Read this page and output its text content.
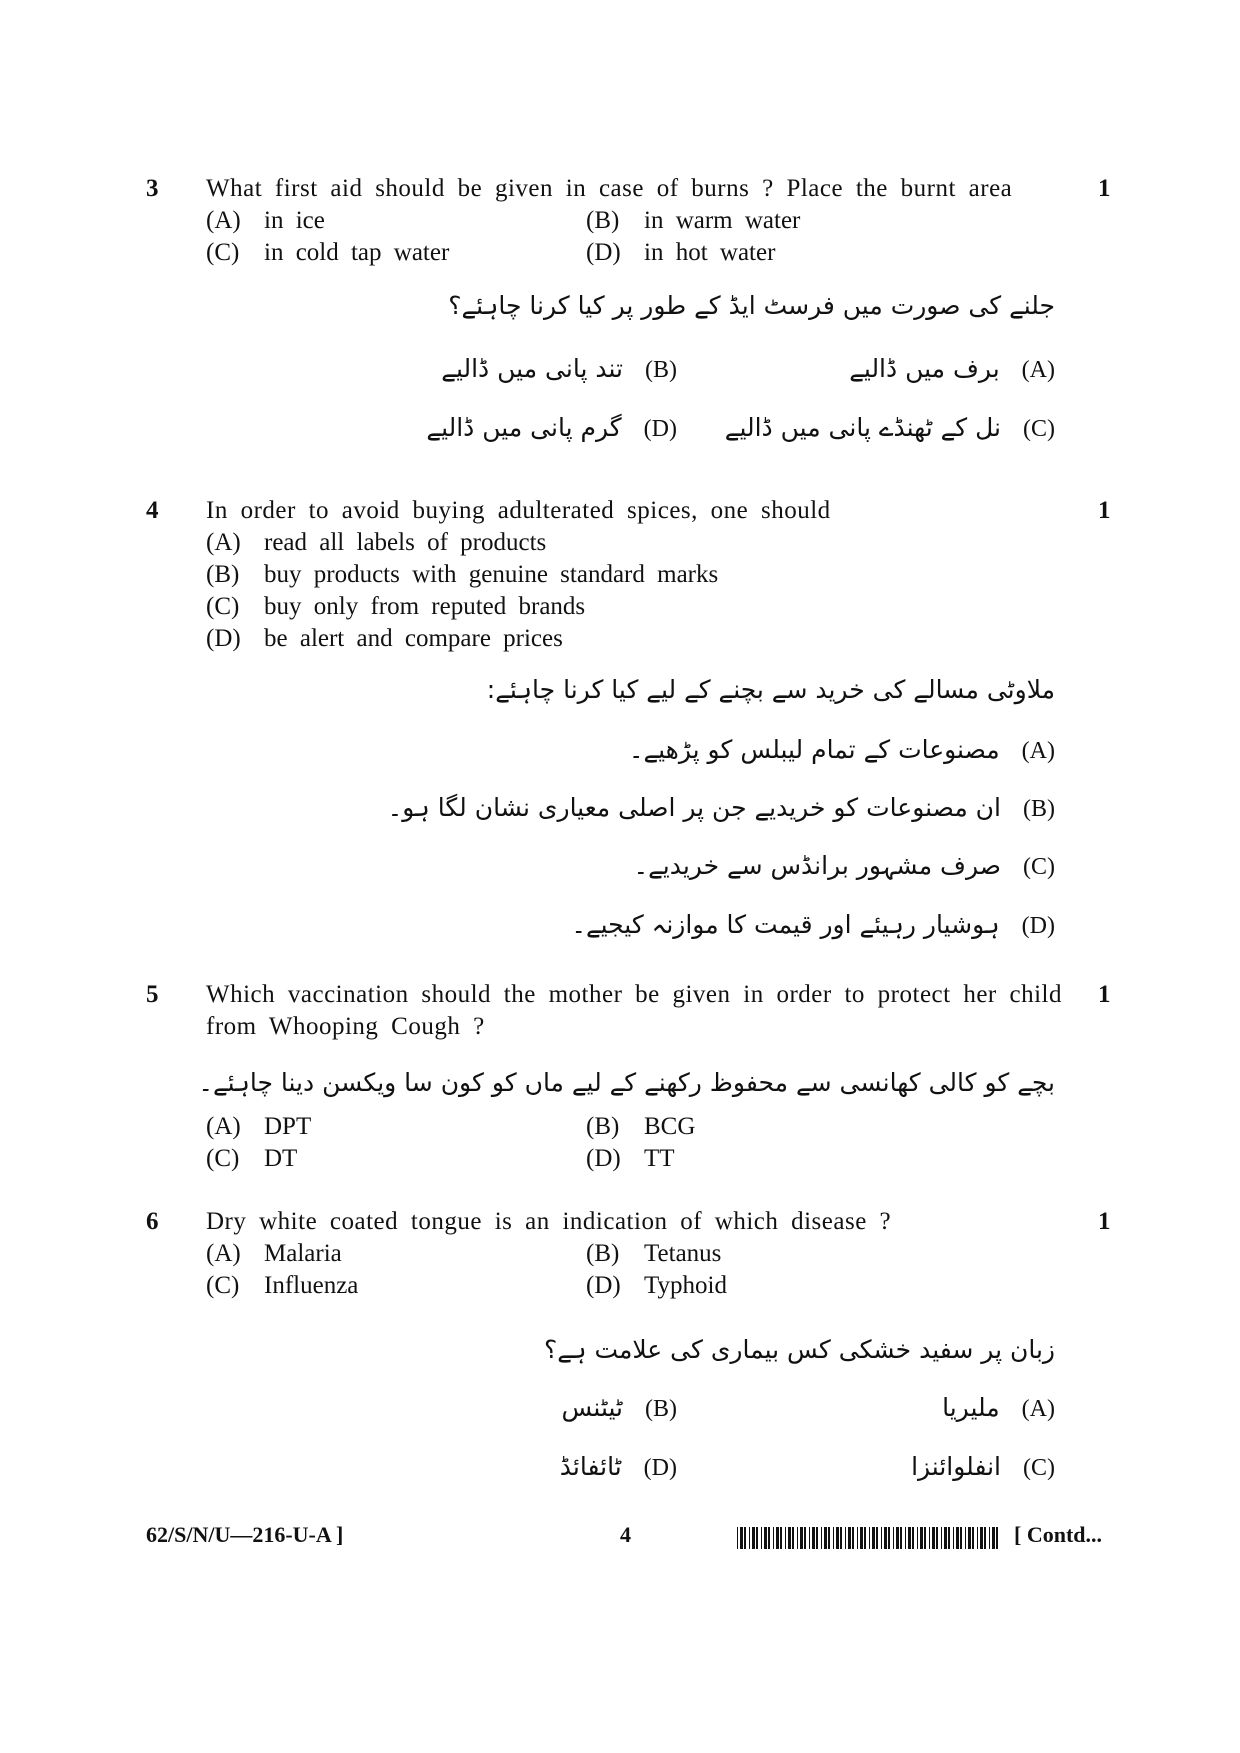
3 What first aid should be given in case of burns ? Place the burnt area	1
(A) in ice	(B) in warm water
(C) in cold tap water	(D) in hot water
جلنے کی صورت میں فرسٹ ایڈ کے طور پر کیا کرنا چاہئے؟
(A)برف میں ڈالیے
(B)تند پانی میں ڈالیے
(C)نل کے ٹھنڈے پانی میں ڈالیے
(D)گرم پانی میں ڈالیے
4 In order to avoid buying adulterated spices, one should	1
(A) read all labels of products
(B) buy products with genuine standard marks
(C) buy only from reputed brands
(D) be alert and compare prices
ملاوٹی مسالے کی خرید سے بچنے کے لیے کیا کرنا چاہئے:
(A)مصنوعات کے تمام لیبلس کو پڑھیے۔
(B)ان مصنوعات کو خریدیے جن پر اصلی معیاری نشان لگا ہو۔
(C)صرف مشہور برانڈس سے خریدیے۔
(D)ہوشیار رہیئے اور قیمت کا موازنہ کیجیے۔
5 Which vaccination should the mother be given in order to protect her child 1
from Whooping Cough ?
بچے کو کالی کھانسی سے محفوظ رکھنے کے لیے ماں کو کون سا ویکسن دینا چاہئے۔
(A) DPT	(B) BCG
(C) DT	(D) TT
6 Dry white coated tongue is an indication of which disease ?	1
(A) Malaria	(B) Tetanus
(C) Influenza	(D) Typhoid
زبان پر سفید خشکی کس بیماری کی علامت ہے؟
(A)ملیریا
(B)ٹیٹنس
(C)انفلوائنزا
(D)ٹائفائڈ
62/S/N/U—216-U-A ]	4	[ Contd...
